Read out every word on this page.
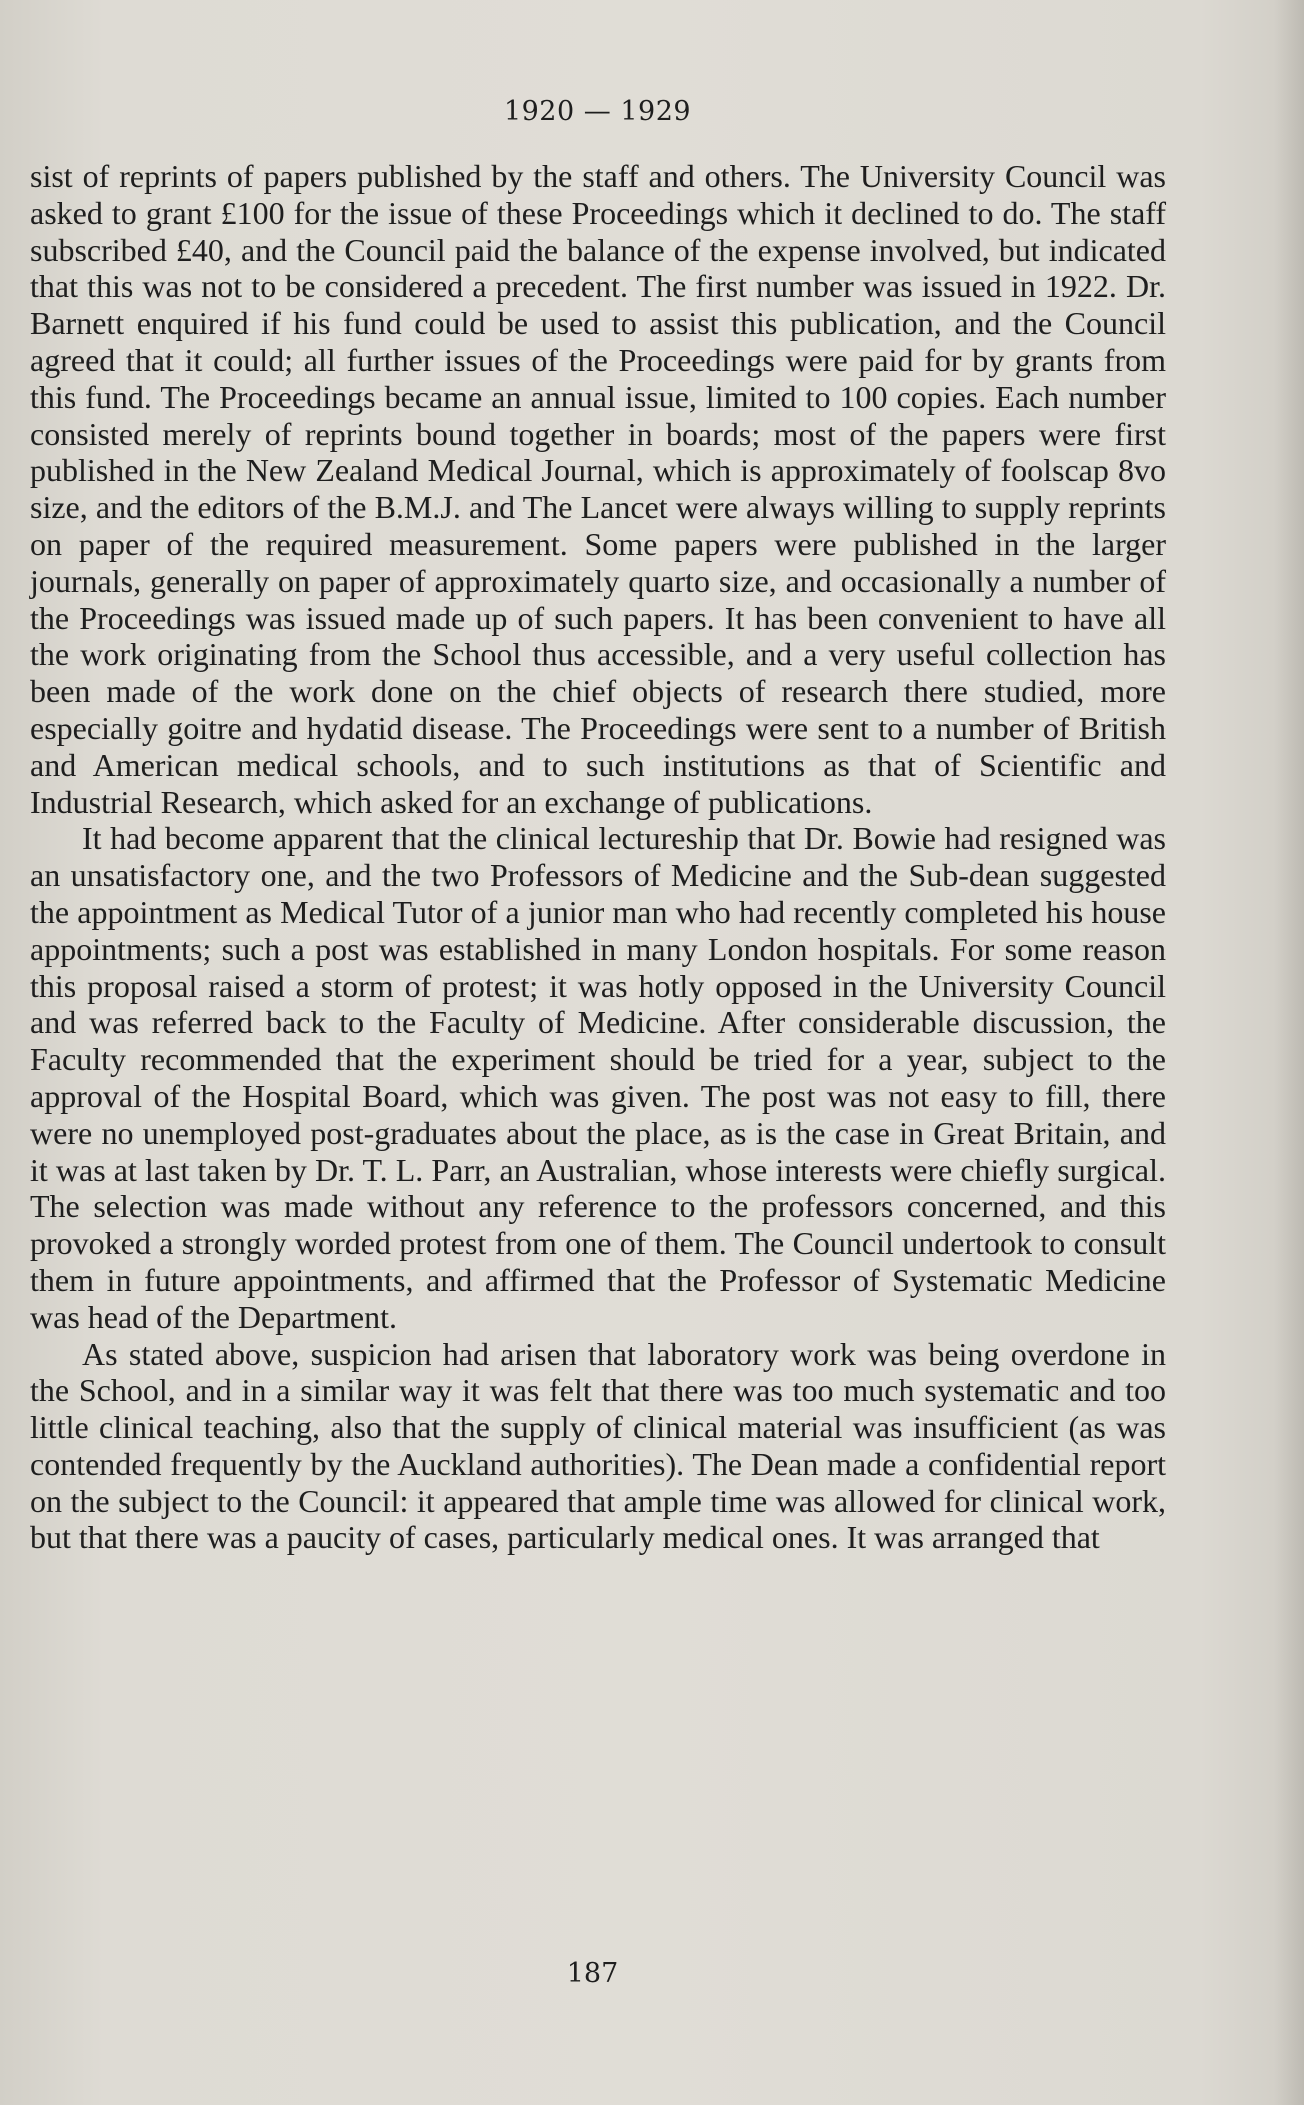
1920 — 1929

sist of reprints of papers published by the staff and others. The University Council was asked to grant £100 for the issue of these Proceedings which it declined to do. The staff subscribed £40, and the Council paid the balance of the expense involved, but indicated that this was not to be considered a precedent. The first number was issued in 1922. Dr. Barnett enquired if his fund could be used to assist this publication, and the Council agreed that it could; all further issues of the Proceedings were paid for by grants from this fund. The Proceedings became an annual issue, limited to 100 copies. Each number consisted merely of reprints bound together in boards; most of the papers were first published in the New Zealand Medical Journal, which is approximately of foolscap 8vo size, and the editors of the B.M.J. and The Lancet were always willing to supply reprints on paper of the required measurement. Some papers were published in the larger journals, generally on paper of approximately quarto size, and occasionally a number of the Proceedings was issued made up of such papers. It has been convenient to have all the work originating from the School thus accessible, and a very useful collection has been made of the work done on the chief objects of research there studied, more especially goitre and hydatid disease. The Proceedings were sent to a number of British and American medical schools, and to such institutions as that of Scientific and Industrial Research, which asked for an exchange of publications.

It had become apparent that the clinical lectureship that Dr. Bowie had resigned was an unsatisfactory one, and the two Professors of Medicine and the Sub-dean suggested the appointment as Medical Tutor of a junior man who had recently completed his house appointments; such a post was established in many London hospitals. For some reason this proposal raised a storm of protest; it was hotly opposed in the University Council and was referred back to the Faculty of Medicine. After considerable discussion, the Faculty recommended that the experiment should be tried for a year, subject to the approval of the Hospital Board, which was given. The post was not easy to fill, there were no unemployed post-graduates about the place, as is the case in Great Britain, and it was at last taken by Dr. T. L. Parr, an Australian, whose interests were chiefly surgical. The selection was made without any reference to the professors concerned, and this provoked a strongly worded protest from one of them. The Council undertook to consult them in future appointments, and affirmed that the Professor of Systematic Medicine was head of the Department.

As stated above, suspicion had arisen that laboratory work was being overdone in the School, and in a similar way it was felt that there was too much systematic and too little clinical teaching, also that the supply of clinical material was insufficient (as was contended frequently by the Auckland authorities). The Dean made a confidential report on the subject to the Council: it appeared that ample time was allowed for clinical work, but that there was a paucity of cases, particularly medical ones. It was arranged that

187
